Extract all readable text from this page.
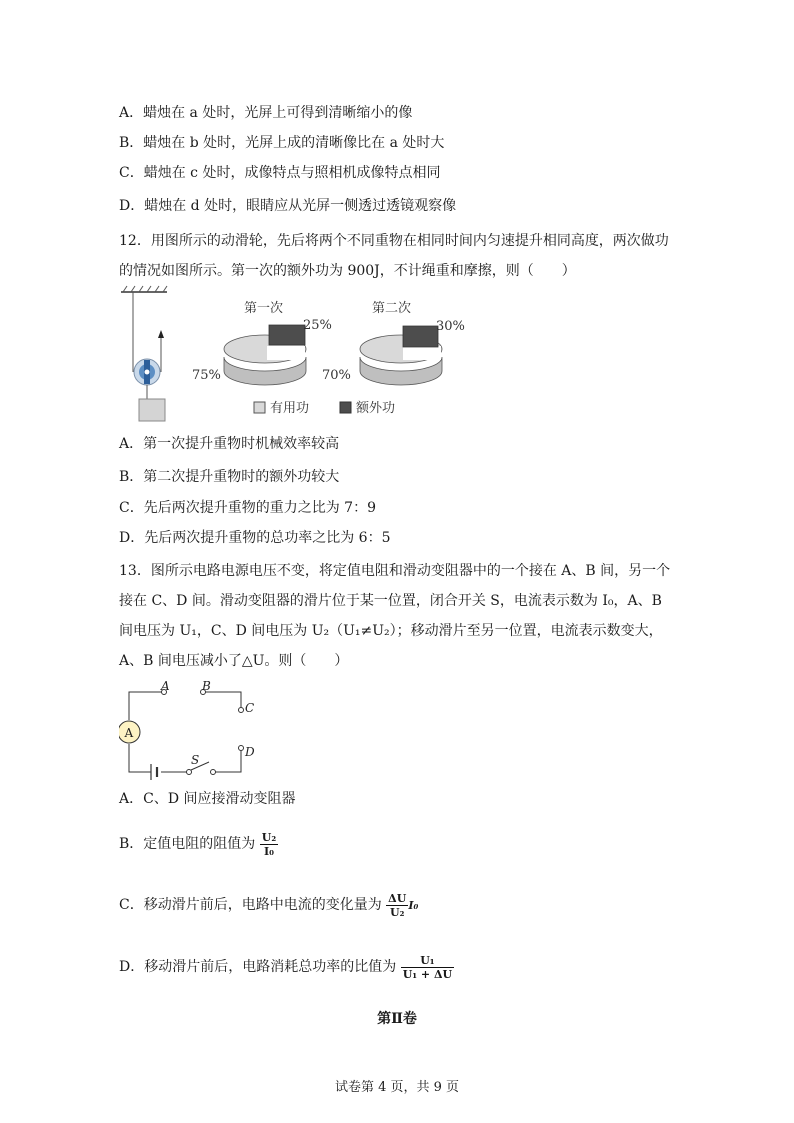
A．蜡烛在 a 处时，光屏上可得到清晰缩小的像
B．蜡烛在 b 处时，光屏上成的清晰像比在 a 处时大
C．蜡烛在 c 处时，成像特点与照相机成像特点相同
D．蜡烛在 d 处时，眼睛应从光屏一侧透过透镜观察像
12．用图所示的动滑轮，先后将两个不同重物在相同时间内匀速提升相同高度，两次做功的情况如图所示。第一次的额外功为 900J，不计绳重和摩擦，则（　　）
第一次
25%
75%
第二次
30%
70%
有用功	额外功
A．第一次提升重物时机械效率较高
B．第二次提升重物时的额外功较大
C．先后两次提升重物的重力之比为 7：9
D．先后两次提升重物的总功率之比为 6：5
13．图所示电路电源电压不变，将定值电阻和滑动变阻器中的一个接在 A、B 间，另一个接在 C、D 间。滑动变阻器的滑片位于某一位置，闭合开关 S，电流表示数为 I₀，A、B 间电压为 U₁，C、D 间电压为 U₂（U₁≠U₂）；移动滑片至另一位置，电流表示数变大，A、B 间电压减小了△U。则（　　）
A
A	B
C
D
S
A．C、D 间应接滑动变阻器
B．定值电阻的阻值为 $\frac{\text{U₂}}{\text{I₀}}$
C．移动滑片前后，电路中电流的变化量为 $\frac{\Delta U}{\text{U₂}} I_0$
D．移动滑片前后，电路消耗总功率的比值为 $\frac{\text{U₁}}{\text{U₁ + ΔU}}$
第Ⅱ卷
试卷第 4 页，共 9 页
